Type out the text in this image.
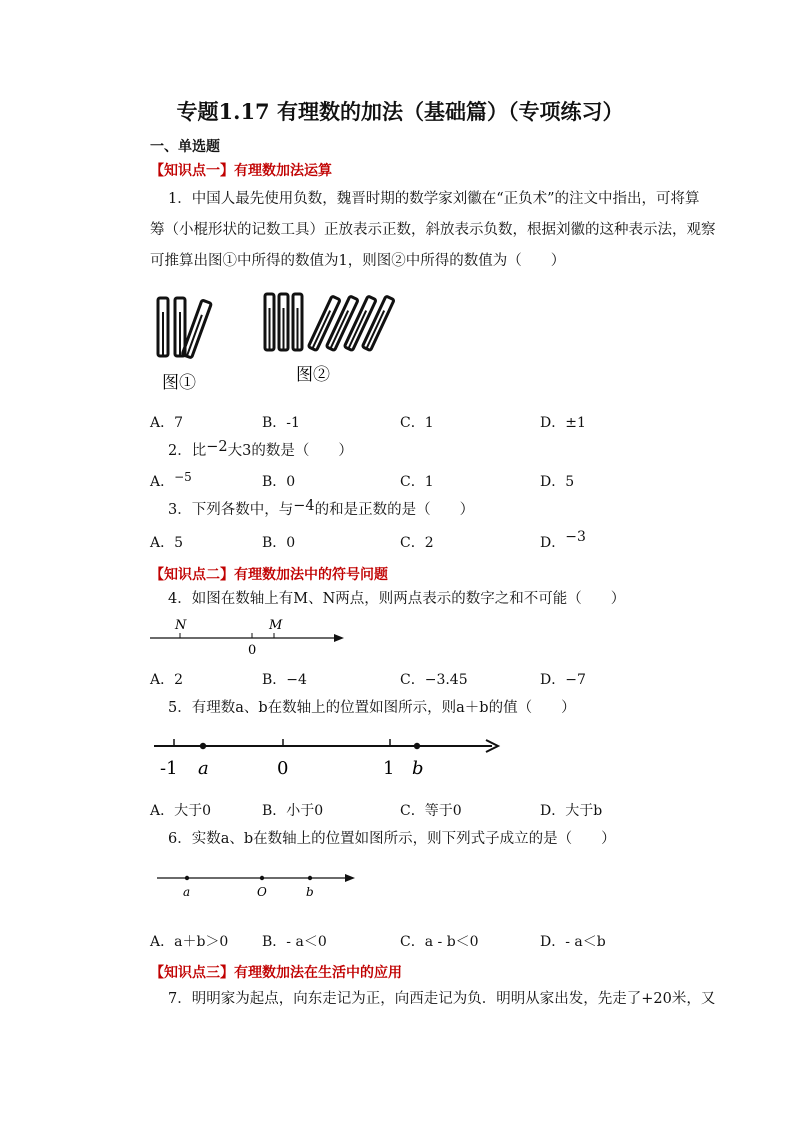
专题1.17 有理数的加法（基础篇）（专项练习）
一、单选题
【知识点一】有理数加法运算
1．中国人最先使用负数，魏晋时期的数学家刘徽在“正负术”的注文中指出，可将算
筹（小棍形状的记数工具）正放表示正数，斜放表示负数，根据刘徽的这种表示法，观察
可推算出图①中所得的数值为1，则图②中所得的数值为（　　）
图①	图②
A．7	B．-1	C．1	D．±1
2．比−2大3的数是（　　）
A．−5	B．0	C．1	D．5
3．下列各数中，与−4的和是正数的是（　　）
A．5	B．0	C．2	D．−3
【知识点二】有理数加法中的符号问题
4．如图在数轴上有M、N两点，则两点表示的数字之和不可能（　　）
N	M
0
A．2	B．−4	C．−3.45	D．−7
5．有理数a、b在数轴上的位置如图所示，则a＋b的值（　　）
-1 a	0	1 b
A．大于0	B．小于0	C．等于0	D．大于b
6．实数a、b在数轴上的位置如图所示，则下列式子成立的是（　　）
a	O	b
A．a＋b＞0 B．- a＜0	C．a - b＜0	D．- a＜b
【知识点三】有理数加法在生活中的应用
7．明明家为起点，向东走记为正，向西走记为负．明明从家出发，先走了+20米，又
